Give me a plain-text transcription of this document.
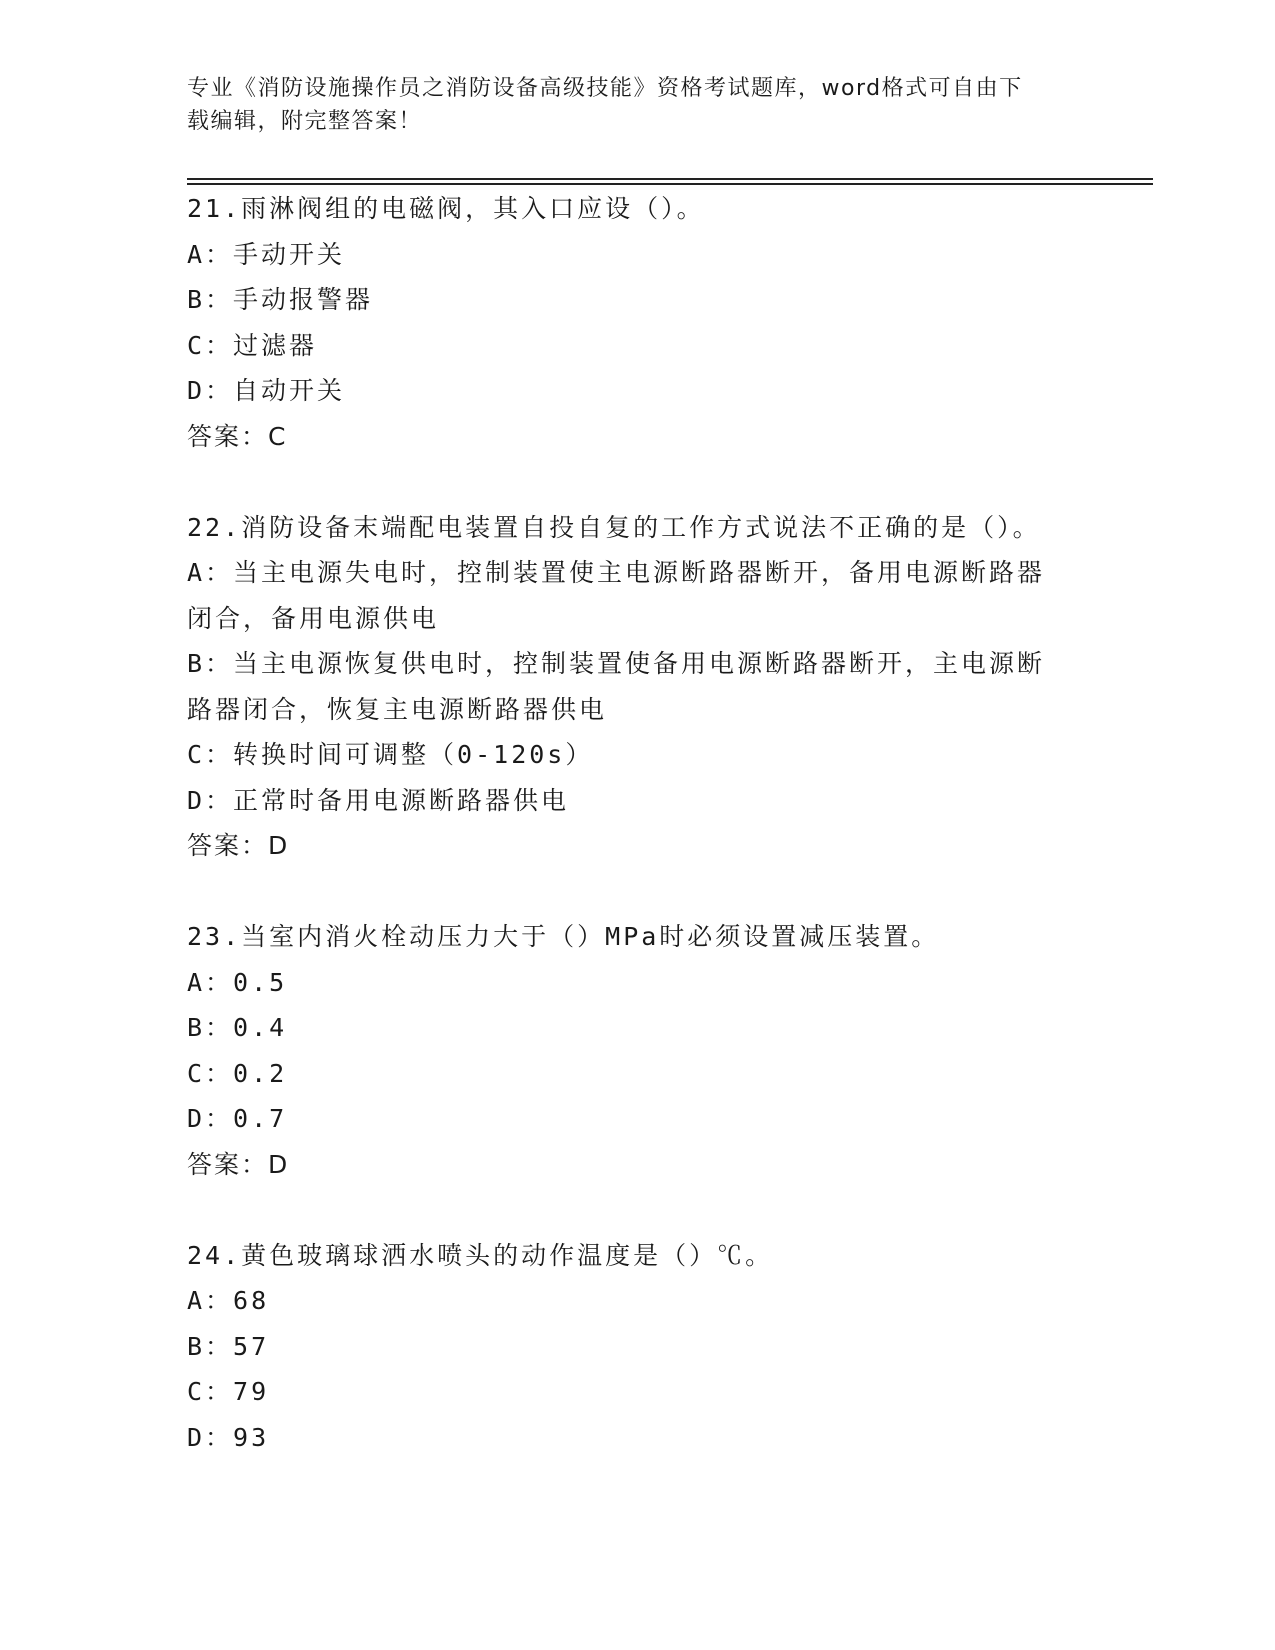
专业《消防设施操作员之消防设备高级技能》资格考试题库，word格式可自由下
载编辑，附完整答案！
21.雨淋阀组的电磁阀，其入口应设（）。
A：手动开关
B：手动报警器
C：过滤器
D：自动开关
答案：C
22.消防设备末端配电装置自投自复的工作方式说法不正确的是（）。
A：当主电源失电时，控制装置使主电源断路器断开，备用电源断路器
闭合，备用电源供电
B：当主电源恢复供电时，控制装置使备用电源断路器断开，主电源断
路器闭合，恢复主电源断路器供电
C：转换时间可调整（0-120s）
D：正常时备用电源断路器供电
答案：D
23.当室内消火栓动压力大于（）MPa时必须设置减压装置。
A：0.5
B：0.4
C：0.2
D：0.7
答案：D
24.黄色玻璃球洒水喷头的动作温度是（）℃。
A：68
B：57
C：79
D：93
